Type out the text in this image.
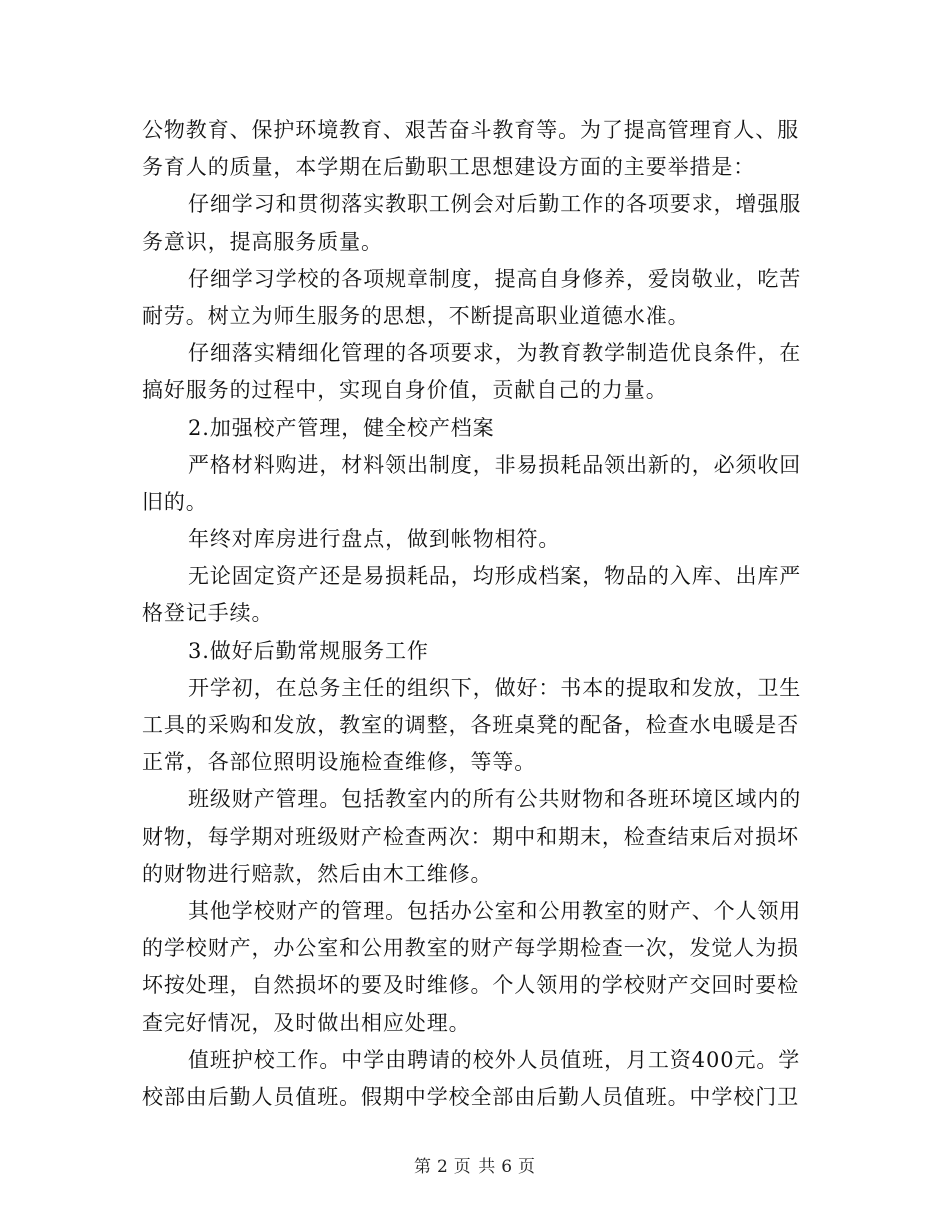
公物教育、保护环境教育、艰苦奋斗教育等。为了提高管理育人、服
务育人的质量，本学期在后勤职工思想建设方面的主要举措是：
仔细学习和贯彻落实教职工例会对后勤工作的各项要求，增强服
务意识，提高服务质量。
仔细学习学校的各项规章制度，提高自身修养，爱岗敬业，吃苦
耐劳。树立为师生服务的思想，不断提高职业道德水准。
仔细落实精细化管理的各项要求，为教育教学制造优良条件，在
搞好服务的过程中，实现自身价值，贡献自己的力量。
2.加强校产管理，健全校产档案
严格材料购进，材料领出制度，非易损耗品领出新的，必须收回
旧的。
年终对库房进行盘点，做到帐物相符。
无论固定资产还是易损耗品，均形成档案，物品的入库、出库严
格登记手续。
3.做好后勤常规服务工作
开学初，在总务主任的组织下，做好：书本的提取和发放，卫生
工具的采购和发放，教室的调整，各班桌凳的配备，检查水电暖是否
正常，各部位照明设施检查维修，等等。
班级财产管理。包括教室内的所有公共财物和各班环境区域内的
财物，每学期对班级财产检查两次：期中和期末，检查结束后对损坏
的财物进行赔款，然后由木工维修。
其他学校财产的管理。包括办公室和公用教室的财产、个人领用
的学校财产，办公室和公用教室的财产每学期检查一次，发觉人为损
坏按处理，自然损坏的要及时维修。个人领用的学校财产交回时要检
查完好情况，及时做出相应处理。
值班护校工作。中学由聘请的校外人员值班，月工资400元。学
校部由后勤人员值班。假期中学校全部由后勤人员值班。中学校门卫
第 2 页 共 6 页
